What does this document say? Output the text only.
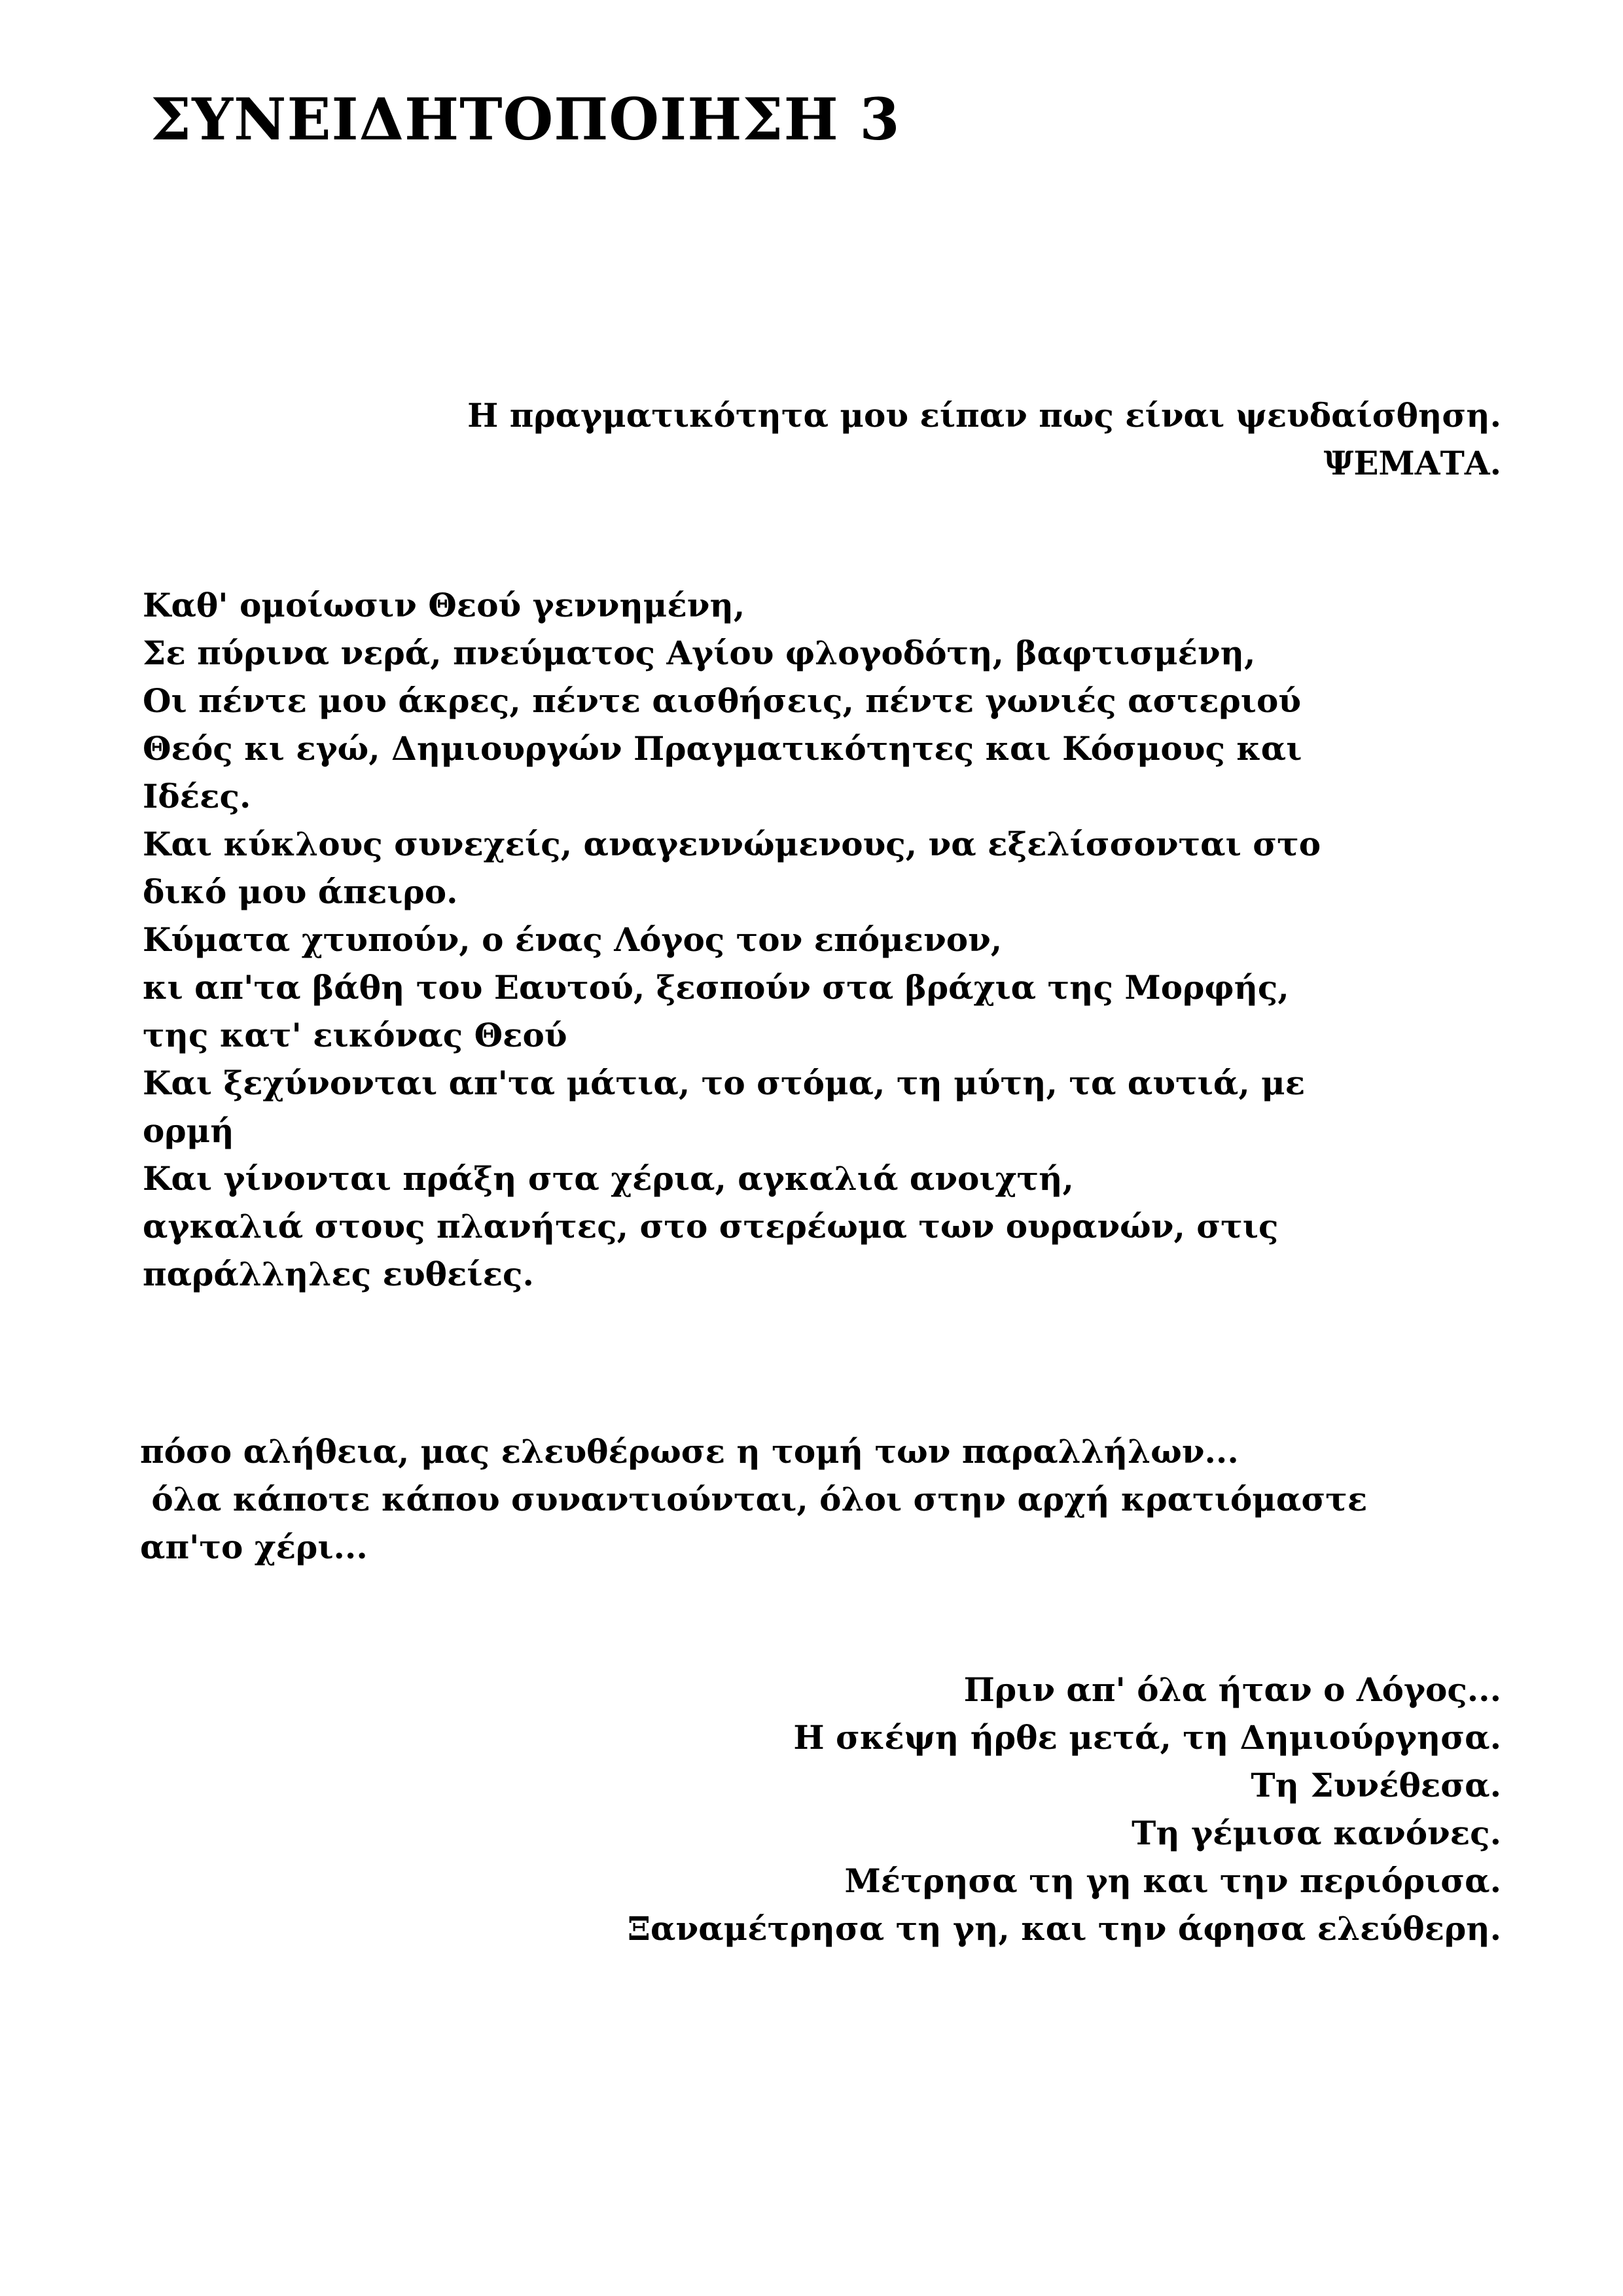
ΣΥΝΕΙΔΗΤΟΠΟΙΗΣΗ 3
Η πραγματικότητα μου είπαν πως είναι ψευδαίσθηση.
ΨΕΜΑΤΑ.
Καθ' ομοίωσιν Θεού γεννημένη,
Σε πύρινα νερά, πνεύματος Αγίου φλογοδότη, βαφτισμένη,
Οι πέντε μου άκρες, πέντε αισθήσεις, πέντε γωνιές αστεριού
Θεός κι εγώ, Δημιουργών Πραγματικότητες και Κόσμους και
Ιδέες.
Και κύκλους συνεχείς, αναγεννώμενους, να εξελίσσονται στο
δικό μου άπειρο.
Κύματα χτυπούν, ο ένας Λόγος τον επόμενον,
κι απ'τα βάθη του Εαυτού, ξεσπούν στα βράχια της Μορφής,
της κατ' εικόνας Θεού
Και ξεχύνονται απ'τα μάτια, το στόμα, τη μύτη, τα αυτιά, με
ορμή
Και γίνονται πράξη στα χέρια, αγκαλιά ανοιχτή,
αγκαλιά στους πλανήτες, στο στερέωμα των ουρανών, στις
παράλληλες ευθείες.
πόσο αλήθεια, μας ελευθέρωσε η τομή των παραλλήλων...
όλα κάποτε κάπου συναντιούνται, όλοι στην αρχή κρατιόμαστε
απ'το χέρι...
Πριν απ' όλα ήταν ο Λόγος...
Η σκέψη ήρθε μετά, τη Δημιούργησα.
Τη Συνέθεσα.
Τη γέμισα κανόνες.
Μέτρησα τη γη και την περιόρισα.
Ξαναμέτρησα τη γη, και την άφησα ελεύθερη.
